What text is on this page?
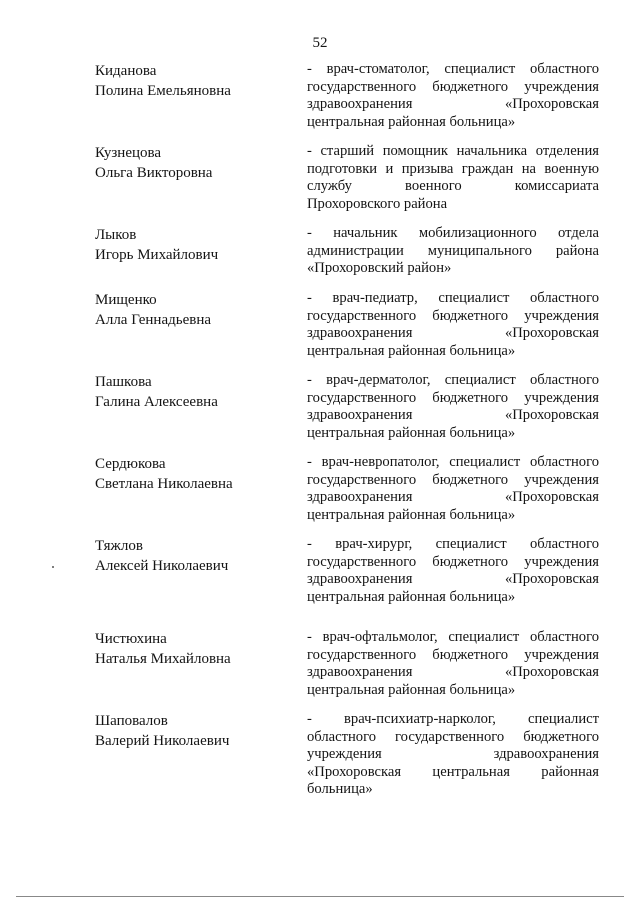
52
Киданова
Полина Емельяновна
- врач-стоматолог, специалист областного
государственного бюджетного учреждения
здравоохранения «Прохоровская
центральная районная больница»
Кузнецова
Ольга Викторовна
- старший помощник начальника отделения
подготовки и призыва граждан на военную
службу военного комиссариата
Прохоровского района
Лыков
Игорь Михайлович
- начальник мобилизационного отдела
администрации муниципального района
«Прохоровский район»
Мищенко
Алла Геннадьевна
- врач-педиатр, специалист областного
государственного бюджетного учреждения
здравоохранения «Прохоровская
центральная районная больница»
Пашкова
Галина Алексеевна
- врач-дерматолог, специалист областного
государственного бюджетного учреждения
здравоохранения «Прохоровская
центральная районная больница»
Сердюкова
Светлана Николаевна
- врач-невропатолог, специалист областного
государственного бюджетного учреждения
здравоохранения «Прохоровская
центральная районная больница»
Тяжлов
Алексей Николаевич
- врач-хирург, специалист областного
государственного бюджетного учреждения
здравоохранения «Прохоровская
центральная районная больница»
Чистюхина
Наталья Михайловна
- врач-офтальмолог, специалист областного
государственного бюджетного учреждения
здравоохранения «Прохоровская
центральная районная больница»
Шаповалов
Валерий Николаевич
- врач-психиатр-нарколог, специалист
областного государственного бюджетного
учреждения здравоохранения
«Прохоровская центральная районная
больница»
